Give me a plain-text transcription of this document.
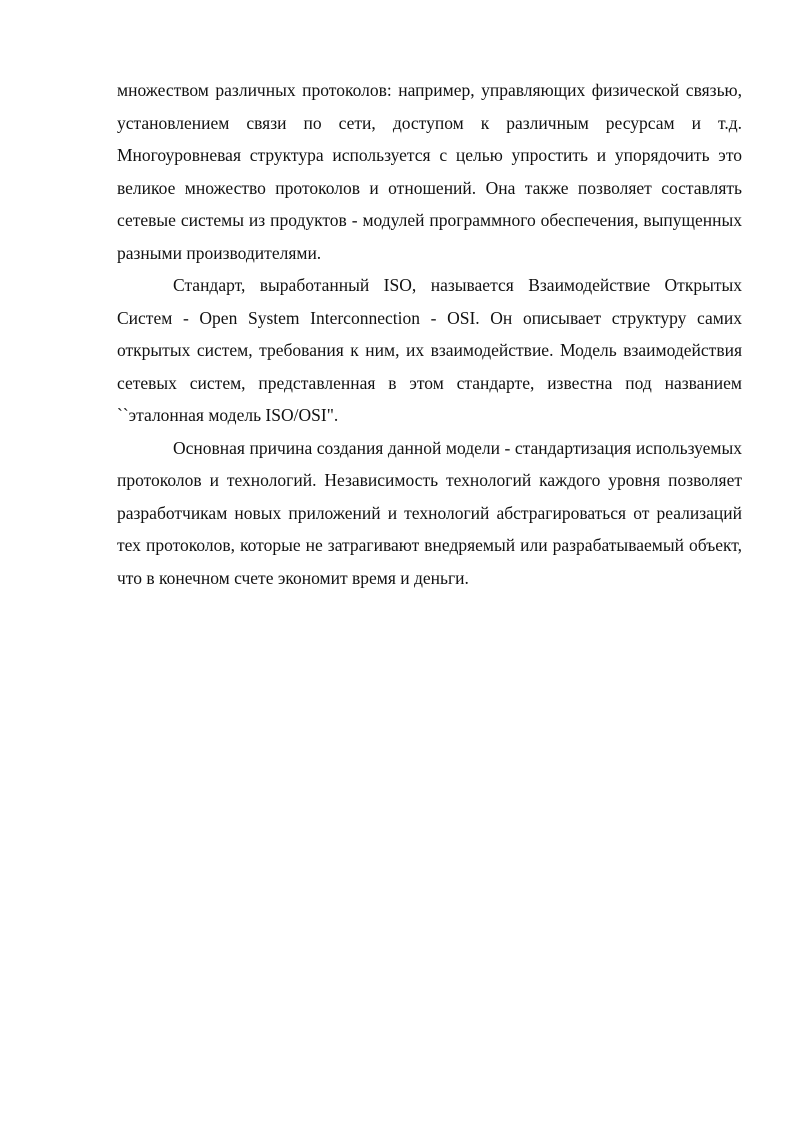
множеством различных протоколов: например, управляющих физической связью, установлением связи по сети, доступом к различным ресурсам и т.д. Многоуровневая структура используется с целью упростить и упорядочить это великое множество протоколов и отношений. Она также позволяет составлять сетевые системы из продуктов - модулей программного обеспечения, выпущенных разными производителями.

Стандарт, выработанный ISO, называется Взаимодействие Открытых Систем - Open System Interconnection - OSI. Он описывает структуру самих открытых систем, требования к ним, их взаимодействие. Модель взаимодействия сетевых систем, представленная в этом стандарте, известна под названием ``эталонная модель ISO/OSI".

Основная причина создания данной модели - стандартизация используемых протоколов и технологий. Независимость технологий каждого уровня позволяет разработчикам новых приложений и технологий абстрагироваться от реализаций тех протоколов, которые не затрагивают внедряемый или разрабатываемый объект, что в конечном счете экономит время и деньги.
